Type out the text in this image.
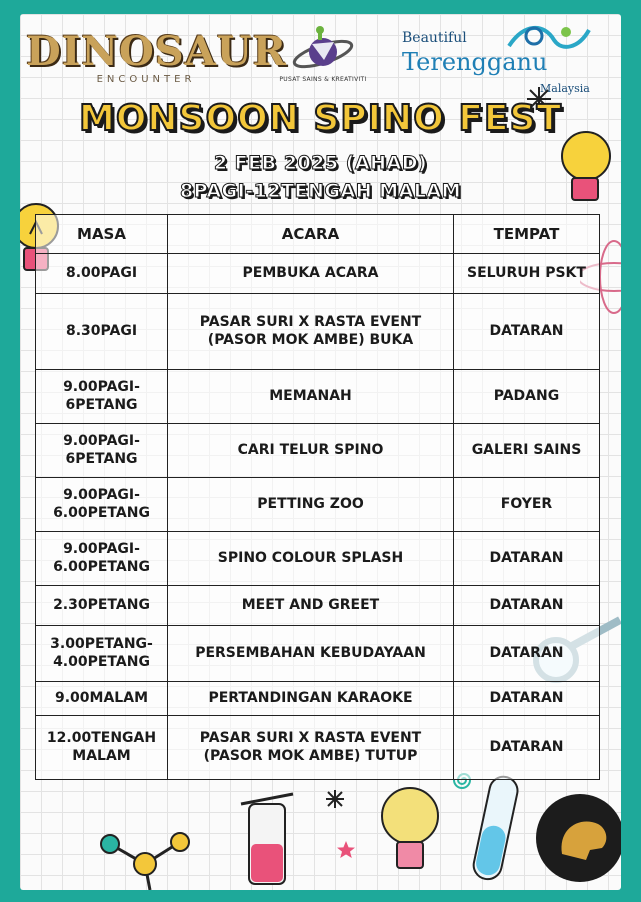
DINOSAUR
ENCOUNTER	PUSAT SAINS & KREATIVITI
Beautiful
Terengganu
Malaysia
MONSOON SPINO FEST
2 FEB 2025 (AHAD)
8PAGI-12TENGAH MALAM
MASA	ACARA	TEMPAT
8.00PAGI	PEMBUKA ACARA	SELURUH PSKT
8.30PAGI	PASAR SURI X RASTA EVENT (PASOR MOK AMBE) BUKA	DATARAN
9.00PAGI- 6PETANG	MEMANAH	PADANG
9.00PAGI- 6PETANG	CARI TELUR SPINO	GALERI SAINS
9.00PAGI- 6.00PETANG	PETTING ZOO	FOYER
9.00PAGI- 6.00PETANG	SPINO COLOUR SPLASH	DATARAN
2.30PETANG	MEET AND GREET	DATARAN
3.00PETANG- 4.00PETANG	PERSEMBAHAN KEBUDAYAAN	DATARAN
9.00MALAM	PERTANDINGAN KARAOKE	DATARAN
12.00TENGAH MALAM	PASAR SURI X RASTA EVENT (PASOR MOK AMBE) TUTUP	DATARAN
